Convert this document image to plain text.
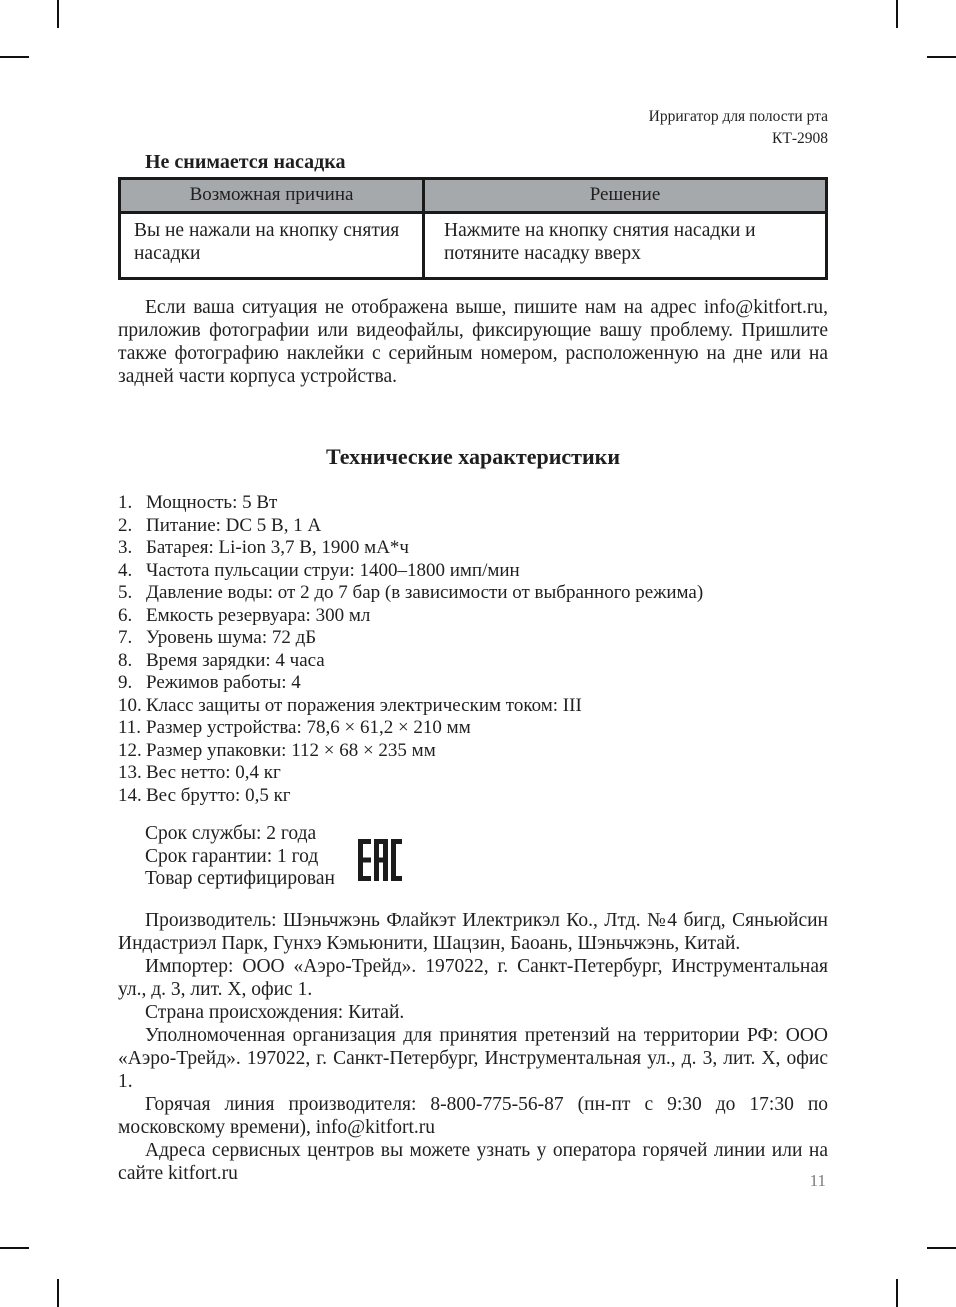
Ирригатор для полости рта
КТ-2908
Не снимается насадка
Возможная причина	Решение
Вы не нажали на кнопку снятия насадки	Нажмите на кнопку снятия насадки и потяните насадку вверх

Если ваша ситуация не отображена выше, пишите нам на адрес info@kitfort.ru, приложив фотографии или видеофайлы, фиксирующие вашу проблему. Пришлите также фотографию наклейки с серийным номером, расположенную на дне или на задней части корпуса устройства.

Технические характеристики
Мощность: 5 Вт
Питание: DC 5 В, 1 А
Батарея: Li-ion 3,7 В, 1900 мА*ч
Частота пульсации струи: 1400–1800 имп/мин
Давление воды: от 2 до 7 бар (в зависимости от выбранного режима)
Емкость резервуара: 300 мл
Уровень шума: 72 дБ
Время зарядки: 4 часа
Режимов работы: 4
Класс защиты от поражения электрическим током: III
Размер устройства: 78,6 × 61,2 × 210 мм
Размер упаковки: 112 × 68 × 235 мм
Вес нетто: 0,4 кг
Вес брутто: 0,5 кг
Срок службы: 2 года
Срок гарантии: 1 год
Товар сертифицирован

Производитель: Шэньчжэнь Флайкэт Илектрикэл Ко., Лтд. №4 бигд, Сяньюйсин Индастриэл Парк, Гунхэ Кэмьюнити, Шацзин, Баоань, Шэньчжэнь, Китай.

Импортер: ООО «Аэро-Трейд». 197022, г. Санкт-Петербург, Инструментальная ул., д. 3, лит. Х, офис 1.

Страна происхождения: Китай.

Уполномоченная организация для принятия претензий на территории РФ: ООО «Аэро-Трейд». 197022, г. Санкт-Петербург, Инструментальная ул., д. 3, лит. Х, офис 1.

Горячая линия производителя: 8-800-775-56-87 (пн-пт с 9:30 до 17:30 по московскому времени), info@kitfort.ru

Адреса сервисных центров вы можете узнать у оператора горячей линии или на сайте kitfort.ru	11
